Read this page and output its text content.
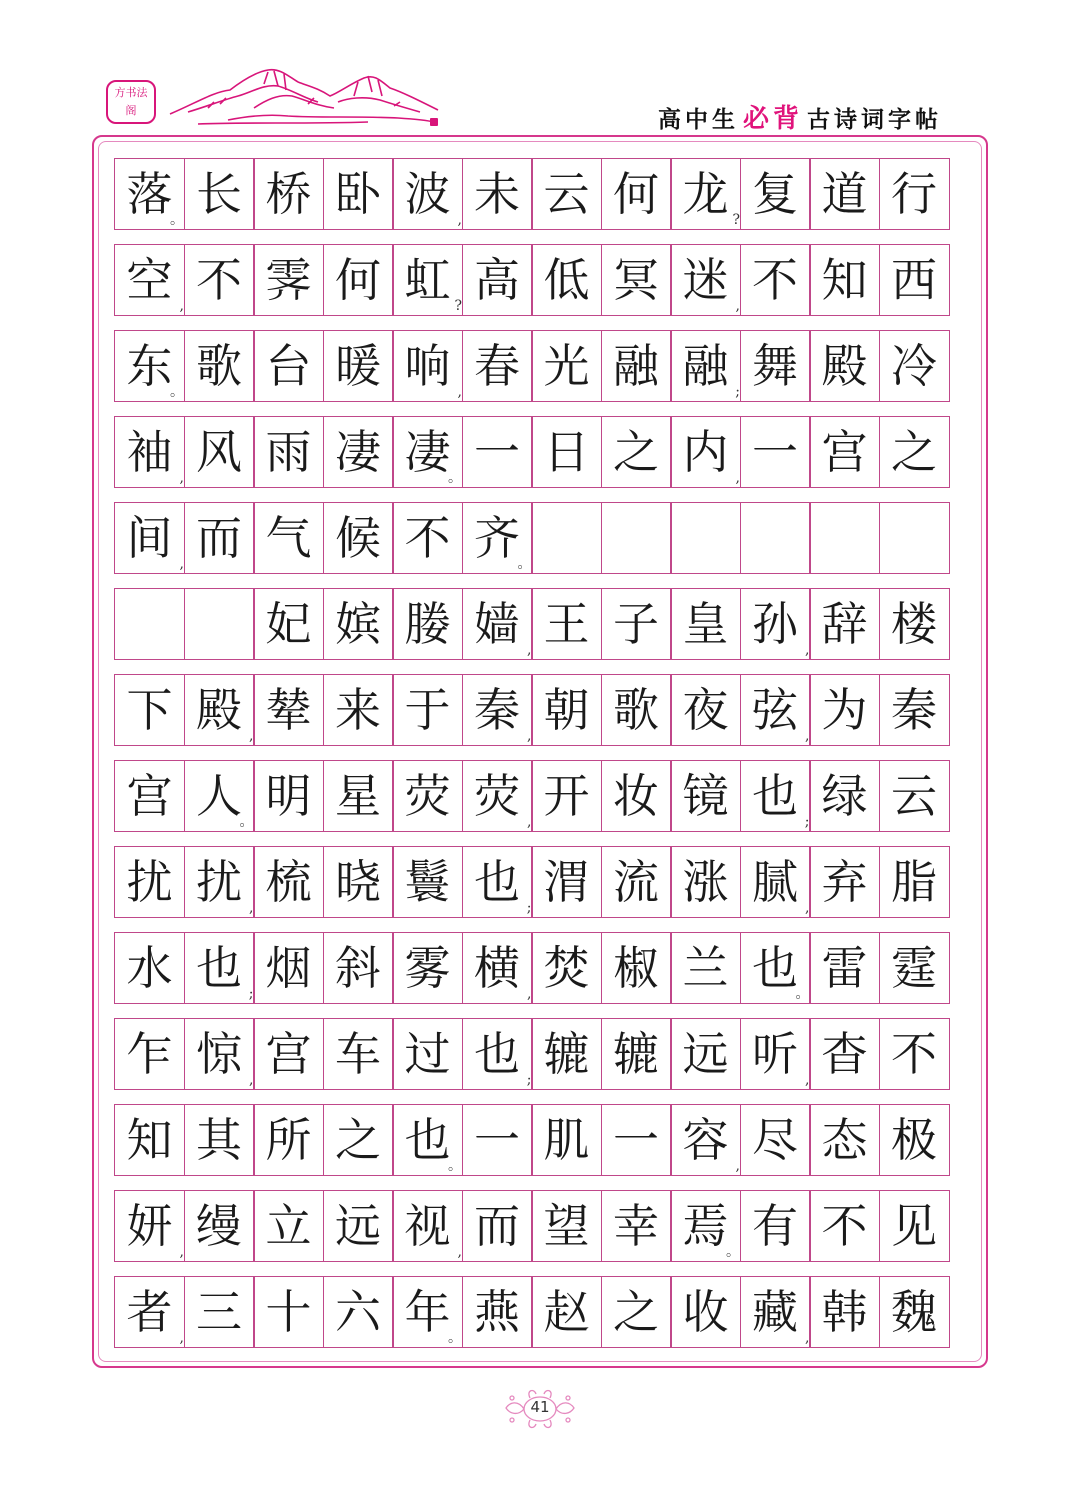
方 书 法
阁	高中生 必背 古诗词字帖
落
。 长 桥 卧 波 , 未 云 何 龙 ? 复 道 行
空 , 不 霁 何 虹 ? 高 低 冥 迷 , 不 知 西
东
。 歌 台 暖 响 , 春 光 融 融 ; 舞 殿 冷
袖 , 风 雨 凄 凄
。 一 日 之 内 , 一 宫 之
间 , 而 气 候 不 齐
。
妃 嫔 媵 嫱 , 王 子 皇 孙 , 辞 楼
下 殿 , 辇 来 于 秦 , 朝 歌 夜 弦 , 为 秦
宫 人
。 明 星 荧 荧 , 开 妆 镜 也 ; 绿 云
扰 扰 , 梳 晓 鬟 也 ; 渭 流 涨 腻 , 弃 脂
水 也 ; 烟 斜 雾 横 , 焚 椒 兰 也
。 雷 霆
乍 惊 , 宫 车 过 也 ; 辘 辘 远 听 , 杳 不
知 其 所 之 也
。 一 肌 一 容 , 尽 态 极
妍 , 缦 立 远 视 , 而 望 幸 焉
。 有 不 见
者 , 三 十 六 年
。 燕 赵 之 收 藏 , 韩 魏
41
